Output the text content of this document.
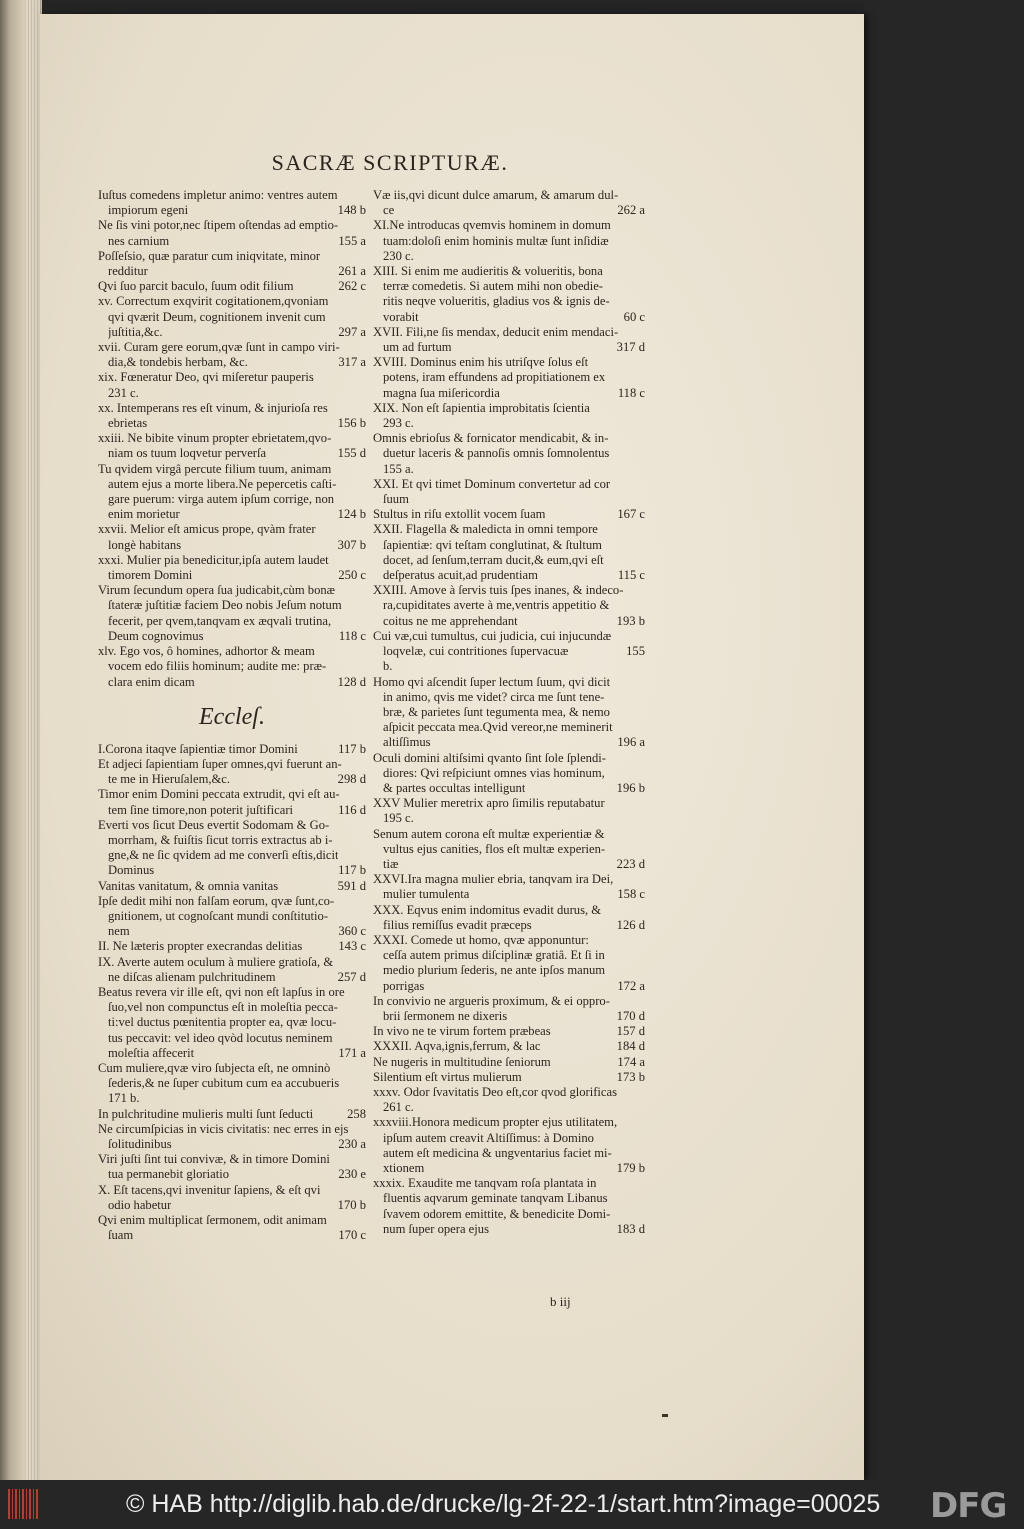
SACRÆ SCRIPTURÆ.
Iuſtus comedens impletur animo: ventres autem
impiorum egeni	148 b
Ne ſis vini potor,nec ſtipem oſtendas ad emptio-
nes carnium	155 a
Poſſeſsio, quæ paratur cum iniqvitate, minor
redditur	261 a
Qvi ſuo parcit baculo, ſuum odit filium	262 c
xv. Correctum exqvirit cogitationem,qvoniam
qvi qværit Deum, cognitionem invenit cum
juſtitia,&c.	297 a
xvii. Curam gere eorum,qvæ ſunt in campo viri-
dia,& tondebis herbam, &c.	317 a
xix. Fœneratur Deo, qvi miſeretur pauperis
231 c.
xx. Intemperans res eſt vinum, & injurioſa res
ebrietas	156 b
xxiii. Ne bibite vinum propter ebrietatem,qvo-
niam os tuum loqvetur perverſa	155 d
Tu qvidem virgâ percute filium tuum, animam
autem ejus a morte libera.Ne pepercetis caſti-
gare puerum: virga autem ipſum corrige, non
enim morietur	124 b
xxvii. Melior eſt amicus prope, qvàm frater
longè habitans	307 b
xxxi. Mulier pia benedicitur,ipſa autem laudet
timorem Domini	250 c
Virum ſecundum opera ſua judicabit,cùm bonæ
ſtateræ juſtitiæ faciem Deo nobis Jeſum notum
fecerit, per qvem,tanqvam ex æqvali trutina,
Deum cognovimus	118 c
xlv. Ego vos, ô homines, adhortor & meam
vocem edo filiis hominum; audite me: præ-
clara enim dicam	128 d
Eccleſ.
I.Corona itaqve ſapientiæ timor Domini	117 b
Et adjeci ſapientiam ſuper omnes,qvi fuerunt an-
te me in Hieruſalem,&c.	298 d
Timor enim Domini peccata extrudit, qvi eſt au-
tem ſine timore,non poterit juſtificari	116 d
Everti vos ſicut Deus evertit Sodomam & Go-
morrham, & fuiſtis ſicut torris extractus ab i-
gne,& ne ſic qvidem ad me converſi eſtis,dicit
Dominus	117 b
Vanitas vanitatum, & omnia vanitas	591 d
Ipſe dedit mihi non falſam eorum, qvæ ſunt,co-
gnitionem, ut cognoſcant mundi conſtitutio-
nem	360 c
II. Ne læteris propter execrandas delitias	143 c
IX. Averte autem oculum à muliere gratioſa, &
ne diſcas alienam pulchritudinem	257 d
Beatus revera vir ille eſt, qvi non eſt lapſus in ore
ſuo,vel non compunctus eſt in moleſtia pecca-
ti:vel ductus pœnitentia propter ea, qvæ locu-
tus peccavit: vel ideo qvòd locutus neminem
moleſtia affecerit	171 a
Cum muliere,qvæ viro ſubjecta eſt, ne omninò
ſederis,& ne ſuper cubitum cum ea accubueris
171 b.
In pulchritudine mulieris multi ſunt ſeducti	258
Ne circumſpicias in vicis civitatis: nec erres in ejs
ſolitudinibus	230 a
Viri juſti ſint tui convivæ, & in timore Domini
tua permanebit gloriatio	230 e
X. Eſt tacens,qvi invenitur ſapiens, & eſt qvi
odio habetur	170 b
Qvi enim multiplicat ſermonem, odit animam
ſuam	170 c
Væ iis,qvi dicunt dulce amarum, & amarum dul-
ce	262 a
XI.Ne introducas qvemvis hominem in domum
tuam:doloſi enim hominis multæ ſunt inſidiæ
230 c.
XIII. Si enim me audieritis & volueritis, bona
terræ comedetis. Si autem mihi non obedie-
ritis neqve volueritis, gladius vos & ignis de-
vorabit	60 c
XVII. Fili,ne ſis mendax, deducit enim mendaci-
um ad furtum	317 d
XVIII. Dominus enim his utriſqve ſolus eſt
potens, iram effundens ad propitiationem ex
magna ſua miſericordia	118 c
XIX. Non eſt ſapientia improbitatis ſcientia
293 c.
Omnis ebrioſus & fornicator mendicabit, & in-
duetur laceris & pannoſis omnis ſomnolentus
155 a.
XXI. Et qvi timet Dominum convertetur ad cor
ſuum
Stultus in riſu extollit vocem ſuam	167 c
XXII. Flagella & maledicta in omni tempore
ſapientiæ: qvi teſtam conglutinat, & ſtultum
docet, ad ſenſum,terram ducit,& eum,qvi eſt
deſperatus acuit,ad prudentiam	115 c
XXIII. Amove à ſervis tuis ſpes inanes, & indeco-
ra,cupiditates averte à me,ventris appetitio &
coitus ne me apprehendant	193 b
Cui væ,cui tumultus, cui judicia, cui injucundæ
loqvelæ, cui contritiones ſupervacuæ	155
b.
Homo qvi aſcendit ſuper lectum ſuum, qvi dicit
in animo, qvis me videt? circa me ſunt tene-
bræ, & parietes ſunt tegumenta mea, & nemo
aſpicit peccata mea.Qvid vereor,ne meminerit
altiſſimus	196 a
Oculi domini altiſsimi qvanto ſint ſole ſplendi-
diores: Qvi reſpiciunt omnes vias hominum,
& partes occultas intelligunt	196 b
XXV Mulier meretrix apro ſimilis reputabatur
195 c.
Senum autem corona eſt multæ experientiæ &
vultus ejus canities, flos eſt multæ experien-
tiæ	223 d
XXVI.Ira magna mulier ebria, tanqvam ira Dei,
mulier tumulenta	158 c
XXX. Eqvus enim indomitus evadit durus, &
filius remiſſus evadit præceps	126 d
XXXI. Comede ut homo, qvæ apponuntur:
ceſſa autem primus diſciplinæ gratiâ. Et ſi in
medio plurium ſederis, ne ante ipſos manum
porrigas	172 a
In convivio ne argueris proximum, & ei oppro-
brii ſermonem ne dixeris	170 d
In vivo ne te virum fortem præbeas	157 d
XXXII. Aqva,ignis,ferrum, & lac	184 d
Ne nugeris in multitudine ſeniorum	174 a
Silentium eſt virtus mulierum	173 b
xxxv. Odor ſvavitatis Deo eſt,cor qvod glorificas
261 c.
xxxviii.Honora medicum propter ejus utilitatem,
ipſum autem creavit Altiſſimus: à Domino
autem eſt medicina & ungventarius faciet mi-
xtionem	179 b
xxxix. Exaudite me tanqvam roſa plantata in
fluentis aqvarum geminate tanqvam Libanus
ſvavem odorem emittite, & benedicite Domi-
num ſuper opera ejus	183 d
b iij
© HAB http://diglib.hab.de/drucke/lg-2f-22-1/start.htm?image=00025 DFG
